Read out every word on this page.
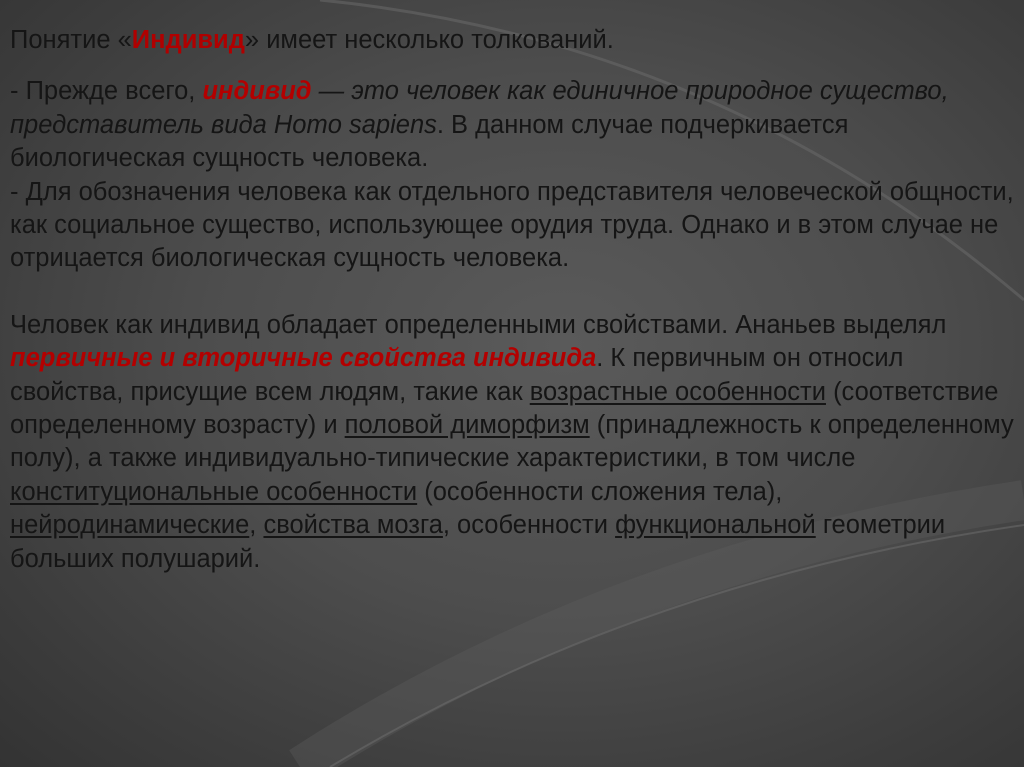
Понятие «Индивид» имеет несколько толкований.

- Прежде всего, индивид — это человек как единичное природное существо, представитель вида Homo sapiens. В данном случае подчеркивается биологическая сущность человека.

- Для обозначения человека как отдельного представителя человеческой общности, как социальное существо, использующее орудия труда. Однако и в этом случае не отрицается биологическая сущность человека.

Человек как индивид обладает определенными свойствами. Ананьев выделял первичные и вторичные свойства индивида. К первичным он относил свойства, присущие всем людям, такие как возрастные особенности (соответствие определенному возрасту) и половой диморфизм (принадлежность к определенному полу), а также индивидуально-типические характеристики, в том числе конституциональные особенности (особенности сложения тела), нейродинамические, свойства мозга, особенности функциональной геометрии больших полушарий.
